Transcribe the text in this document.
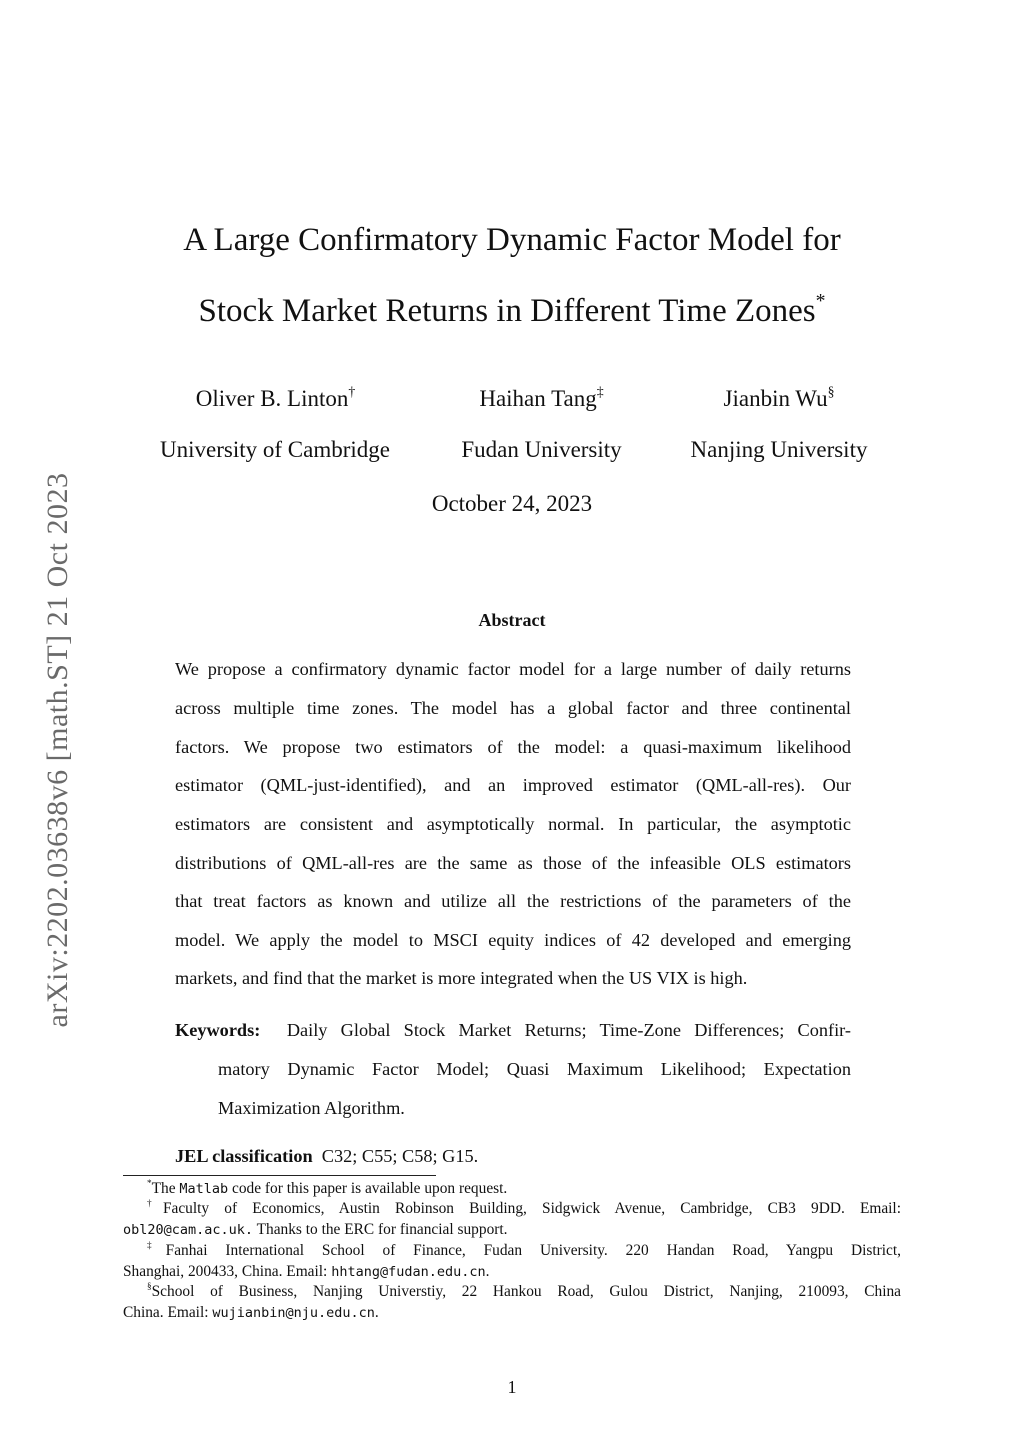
arXiv:2202.03638v6 [math.ST] 21 Oct 2023
A Large Confirmatory Dynamic Factor Model for
Stock Market Returns in Different Time Zones*
Oliver B. Linton†	Haihan Tang‡	Jianbin Wu§
University of Cambridge	Fudan University	Nanjing University
October 24, 2023
Abstract
We propose a confirmatory dynamic factor model for a large number of daily returns
across multiple time zones. The model has a global factor and three continental
factors. We propose two estimators of the model: a quasi-maximum likelihood
estimator (QML-just-identified), and an improved estimator (QML-all-res). Our
estimators are consistent and asymptotically normal. In particular, the asymptotic
distributions of QML-all-res are the same as those of the infeasible OLS estimators
that treat factors as known and utilize all the restrictions of the parameters of the
model. We apply the model to MSCI equity indices of 42 developed and emerging
markets, and find that the market is more integrated when the US VIX is high.
Keywords: Daily Global Stock Market Returns; Time-Zone Differences; Confir-
matory Dynamic Factor Model; Quasi Maximum Likelihood; Expectation
Maximization Algorithm.
JEL classification C32; C55; C58; G15.
*The Matlab code for this paper is available upon request.
†Faculty of Economics, Austin Robinson Building, Sidgwick Avenue, Cambridge, CB3 9DD. Email:
obl20@cam.ac.uk. Thanks to the ERC for financial support.
‡Fanhai International School of Finance, Fudan University. 220 Handan Road, Yangpu District,
Shanghai, 200433, China. Email: hhtang@fudan.edu.cn.
§School of Business, Nanjing Universtiy, 22 Hankou Road, Gulou District, Nanjing, 210093, China
China. Email: wujianbin@nju.edu.cn.
1
